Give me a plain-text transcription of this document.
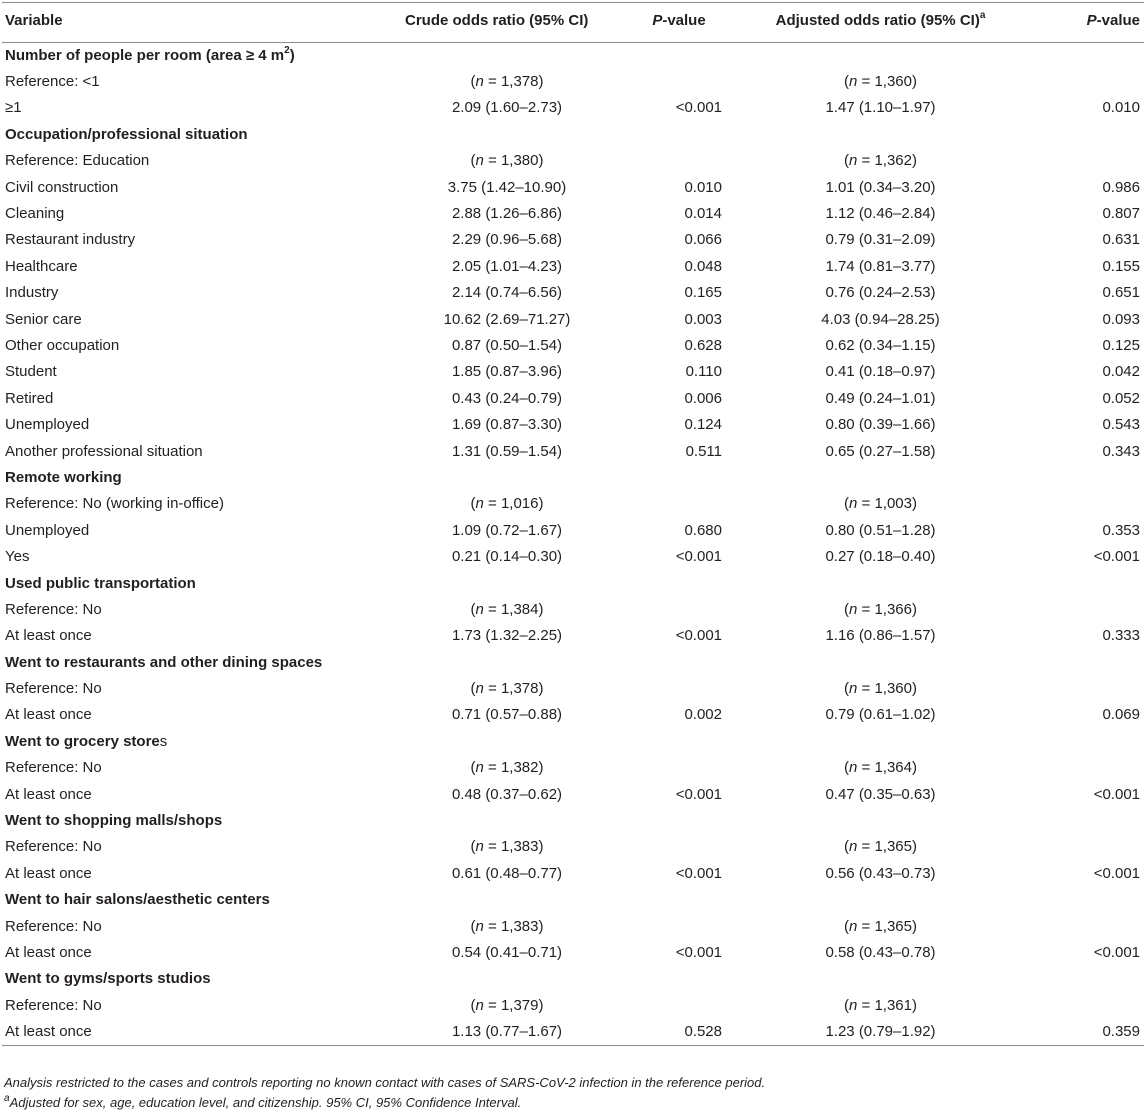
Variable	Crude odds ratio (95% CI)	P-value	Adjusted odds ratio (95% CI)$^a$	P-value
Number of people per room (area ≥ 4 $m^2$)				
Reference: <1	(n = 1,378)		(n = 1,360)	
≥1	2.09 (1.60–2.73)	<0.001	1.47 (1.10–1.97)	0.010
Occupation/professional situation				
Reference: Education	(n = 1,380)		(n = 1,362)	
Civil construction	3.75 (1.42–10.90)	0.010	1.01 (0.34–3.20)	0.986
Cleaning	2.88 (1.26–6.86)	0.014	1.12 (0.46–2.84)	0.807
Restaurant industry	2.29 (0.96–5.68)	0.066	0.79 (0.31–2.09)	0.631
Healthcare	2.05 (1.01–4.23)	0.048	1.74 (0.81–3.77)	0.155
Industry	2.14 (0.74–6.56)	0.165	0.76 (0.24–2.53)	0.651
Senior care	10.62 (2.69–71.27)	0.003	4.03 (0.94–28.25)	0.093
Other occupation	0.87 (0.50–1.54)	0.628	0.62 (0.34–1.15)	0.125
Student	1.85 (0.87–3.96)	0.110	0.41 (0.18–0.97)	0.042
Retired	0.43 (0.24–0.79)	0.006	0.49 (0.24–1.01)	0.052
Unemployed	1.69 (0.87–3.30)	0.124	0.80 (0.39–1.66)	0.543
Another professional situation	1.31 (0.59–1.54)	0.511	0.65 (0.27–1.58)	0.343
Remote working				
Reference: No (working in-office)	(n = 1,016)		(n = 1,003)	
Unemployed	1.09 (0.72–1.67)	0.680	0.80 (0.51–1.28)	0.353
Yes	0.21 (0.14–0.30)	<0.001	0.27 (0.18–0.40)	<0.001
Used public transportation				
Reference: No	(n = 1,384)		(n = 1,366)	
At least once	1.73 (1.32–2.25)	<0.001	1.16 (0.86–1.57)	0.333
Went to restaurants and other dining spaces				
Reference: No	(n = 1,378)		(n = 1,360)	
At least once	0.71 (0.57–0.88)	0.002	0.79 (0.61–1.02)	0.069
Went to grocery stores				
Reference: No	(n = 1,382)		(n = 1,364)	
At least once	0.48 (0.37–0.62)	<0.001	0.47 (0.35–0.63)	<0.001
Went to shopping malls/shops				
Reference: No	(n = 1,383)		(n = 1,365)	
At least once	0.61 (0.48–0.77)	<0.001	0.56 (0.43–0.73)	<0.001
Went to hair salons/aesthetic centers				
Reference: No	(n = 1,383)		(n = 1,365)	
At least once	0.54 (0.41–0.71)	<0.001	0.58 (0.43–0.78)	<0.001
Went to gyms/sports studios				
Reference: No	(n = 1,379)		(n = 1,361)	
At least once	1.13 (0.77–1.67)	0.528	1.23 (0.79–1.92)	0.359
Analysis restricted to the cases and controls reporting no known contact with cases of SARS-CoV-2 infection in the reference period.
$^a$Adjusted for sex, age, education level, and citizenship. 95% CI, 95% Confidence Interval.
